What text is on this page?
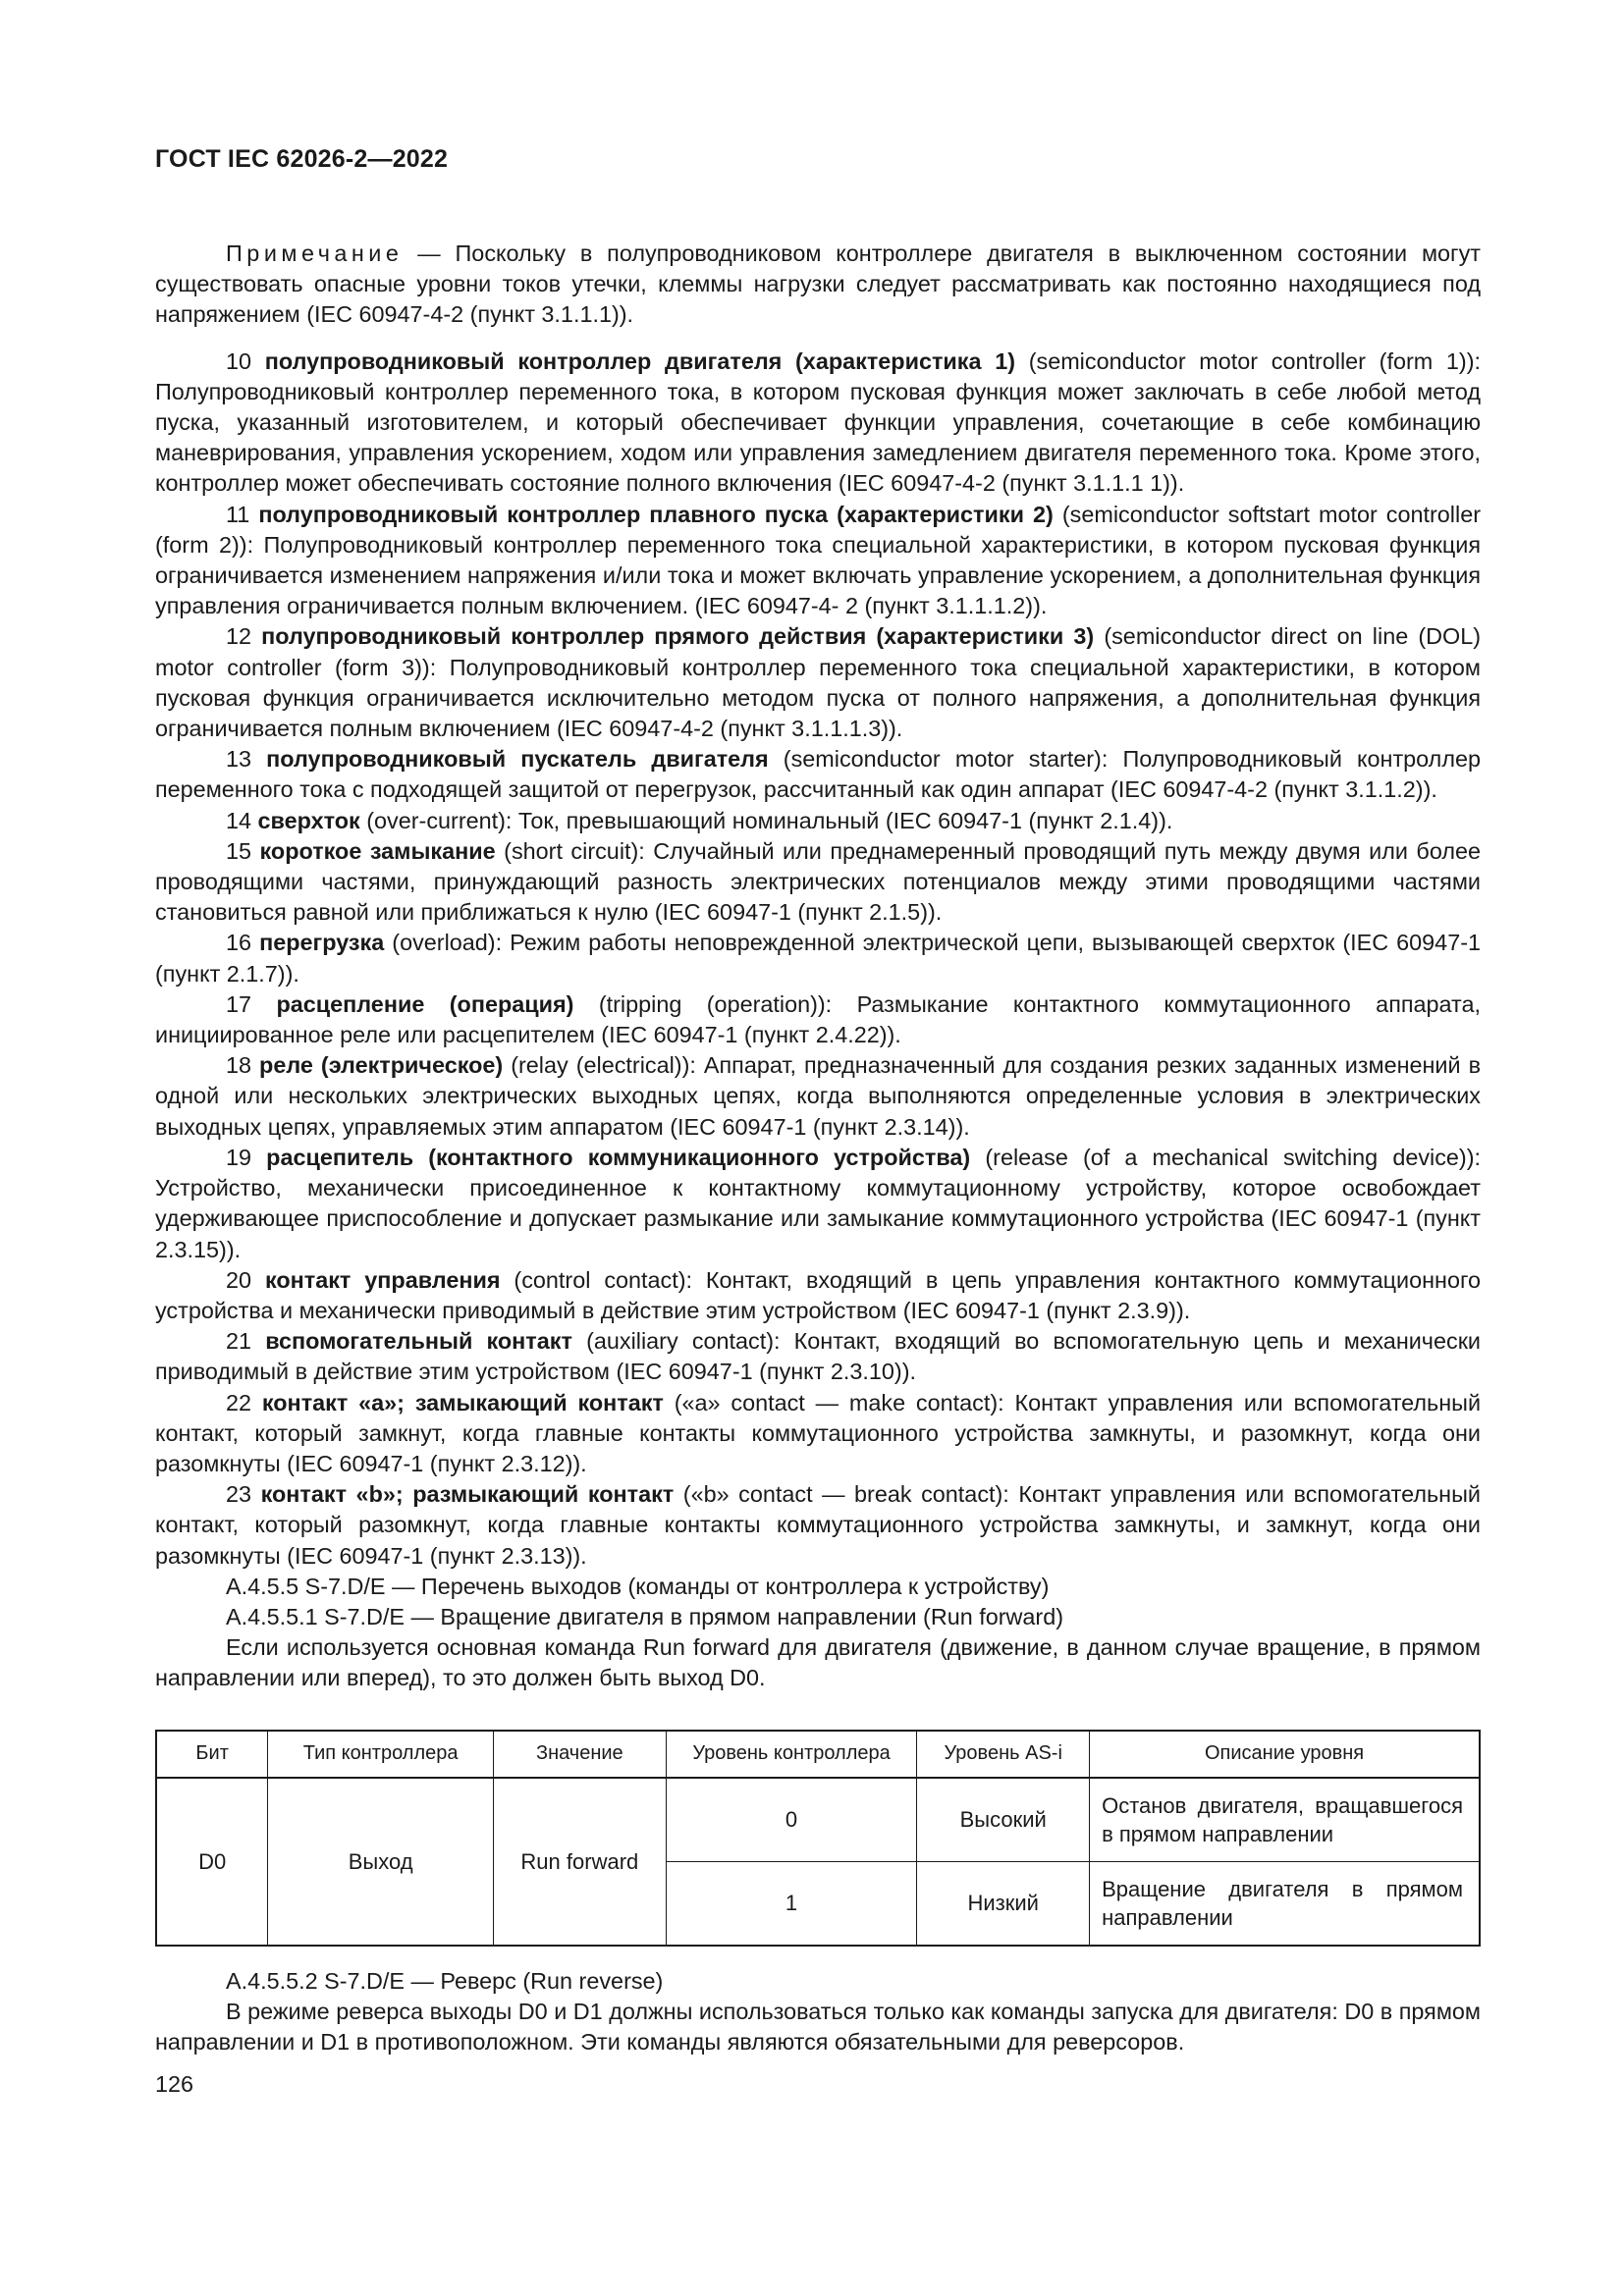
ГОСТ IEC 62026-2—2022

Примечание — Поскольку в полупроводниковом контроллере двигателя в выключенном состоянии могут существовать опасные уровни токов утечки, клеммы нагрузки следует рассматривать как постоянно находящиеся под напряжением (IEC 60947-4-2 (пункт 3.1.1.1)).

10 полупроводниковый контроллер двигателя (характеристика 1) (semiconductor motor controller (form 1)): Полупроводниковый контроллер переменного тока, в котором пусковая функция может заключать в себе любой метод пуска, указанный изготовителем, и который обеспечивает функции управления, сочетающие в себе комбинацию маневрирования, управления ускорением, ходом или управления замедлением двигателя переменного тока. Кроме этого, контроллер может обеспечивать состояние полного включения (IEC 60947-4-2 (пункт 3.1.1.1 1)).

11 полупроводниковый контроллер плавного пуска (характеристики 2) (semiconductor softstart motor controller (form 2)): Полупроводниковый контроллер переменного тока специальной характеристики, в котором пусковая функция ограничивается изменением напряжения и/или тока и может включать управление ускорением, а дополнительная функция управления ограничивается полным включением. (IEC 60947-4- 2 (пункт 3.1.1.1.2)).

12 полупроводниковый контроллер прямого действия (характеристики 3) (semiconductor direct on line (DOL) motor controller (form 3)): Полупроводниковый контроллер переменного тока специальной характеристики, в котором пусковая функция ограничивается исключительно методом пуска от полного напряжения, а дополнительная функция ограничивается полным включением (IEC 60947-4-2 (пункт 3.1.1.1.3)).

13 полупроводниковый пускатель двигателя (semiconductor motor starter): Полупроводниковый контроллер переменного тока с подходящей защитой от перегрузок, рассчитанный как один аппарат (IEC 60947-4-2 (пункт 3.1.1.2)).

14 сверхток (over-current): Ток, превышающий номинальный (IEC 60947-1 (пункт 2.1.4)).

15 короткое замыкание (short circuit): Случайный или преднамеренный проводящий путь между двумя или более проводящими частями, принуждающий разность электрических потенциалов между этими проводящими частями становиться равной или приближаться к нулю (IEC 60947-1 (пункт 2.1.5)).

16 перегрузка (overload): Режим работы неповрежденной электрической цепи, вызывающей сверхток (IEC 60947-1 (пункт 2.1.7)).

17 расцепление (операция) (tripping (operation)): Размыкание контактного коммутационного аппарата, инициированное реле или расцепителем (IEC 60947-1 (пункт 2.4.22)).

18 реле (электрическое) (relay (electrical)): Аппарат, предназначенный для создания резких заданных изменений в одной или нескольких электрических выходных цепях, когда выполняются определенные условия в электрических выходных цепях, управляемых этим аппаратом (IEC 60947-1 (пункт 2.3.14)).

19 расцепитель (контактного коммуникационного устройства) (release (of a mechanical switching device)): Устройство, механически присоединенное к контактному коммутационному устройству, которое освобождает удерживающее приспособление и допускает размыкание или замыкание коммутационного устройства (IEC 60947-1 (пункт 2.3.15)).

20 контакт управления (control contact): Контакт, входящий в цепь управления контактного коммутационного устройства и механически приводимый в действие этим устройством (IEC 60947-1 (пункт 2.3.9)).

21 вспомогательный контакт (auxiliary contact): Контакт, входящий во вспомогательную цепь и механически приводимый в действие этим устройством (IEC 60947-1 (пункт 2.3.10)).

22 контакт «а»; замыкающий контакт («а» contact — make contact): Контакт управления или вспомогательный контакт, который замкнут, когда главные контакты коммутационного устройства замкнуты, и разомкнут, когда они разомкнуты (IEC 60947-1 (пункт 2.3.12)).

23 контакт «b»; размыкающий контакт («b» contact — break contact): Контакт управления или вспомогательный контакт, который разомкнут, когда главные контакты коммутационного устройства замкнуты, и замкнут, когда они разомкнуты (IEC 60947-1 (пункт 2.3.13)).

А.4.5.5 S-7.D/E — Перечень выходов (команды от контроллера к устройству)

А.4.5.5.1 S-7.D/E — Вращение двигателя в прямом направлении (Run forward)

Если используется основная команда Run forward для двигателя (движение, в данном случае вращение, в прямом направлении или вперед), то это должен быть выход D0.

Бит	Тип контроллера	Значение	Уровень контроллера	Уровень AS-i	Описание уровня
D0	Выход	Run forward	0	Высокий	Останов двигателя, вращавшегося в прямом направлении
			1	Низкий	Вращение двигателя в прямом направлении

А.4.5.5.2 S-7.D/E — Реверс (Run reverse)

В режиме реверса выходы D0 и D1 должны использоваться только как команды запуска для двигателя: D0 в прямом направлении и D1 в противоположном. Эти команды являются обязательными для реверсоров.

126
